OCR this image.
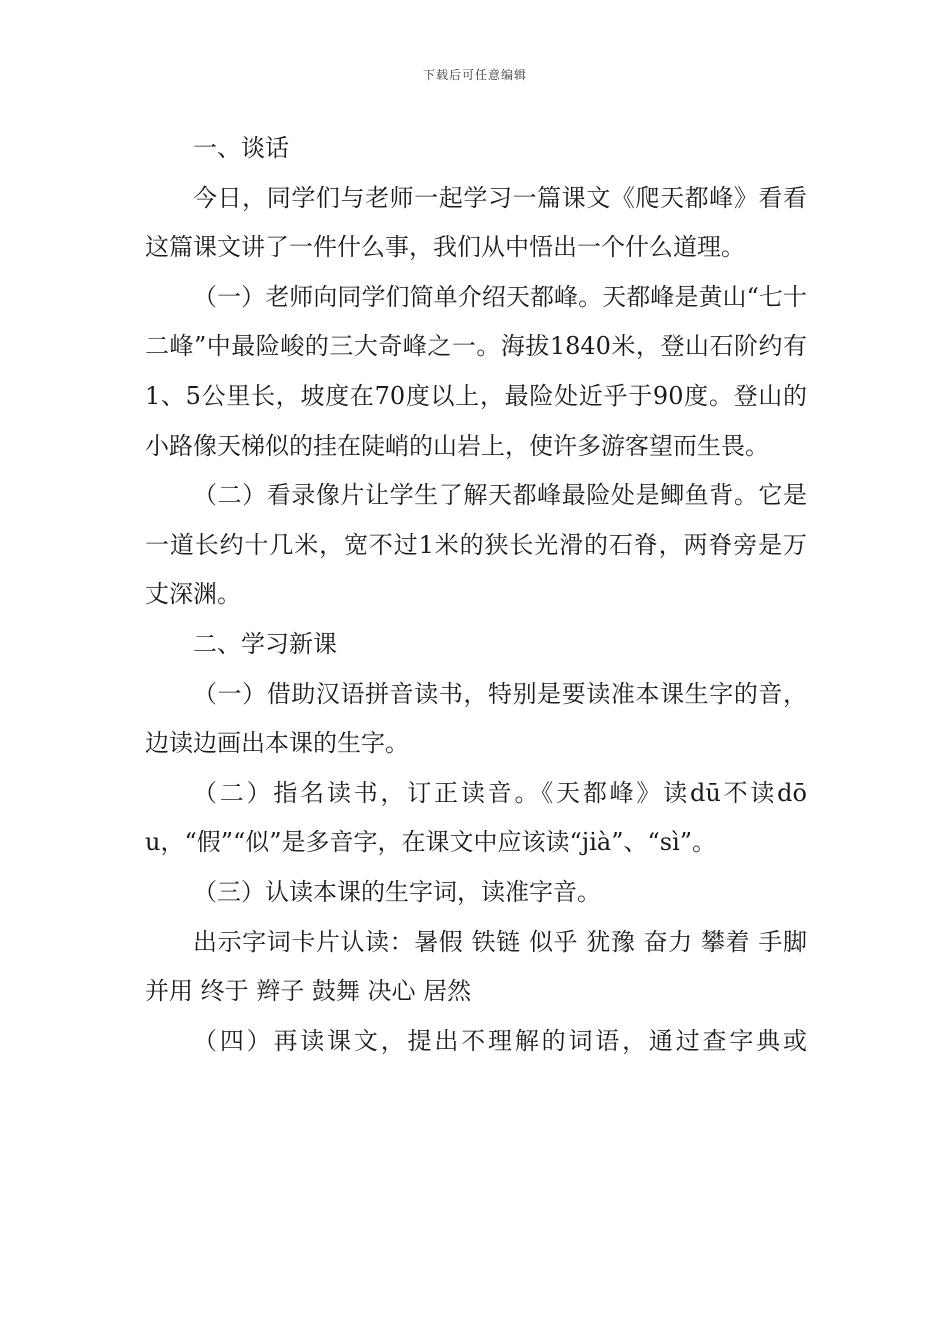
下载后可任意编辑

一、谈话

今日，同学们与老师一起学习一篇课文《爬天都峰》看看这篇课文讲了一件什么事，我们从中悟出一个什么道理。

（一）老师向同学们简单介绍天都峰。天都峰是黄山“七十二峰”中最险峻的三大奇峰之一。海拔1840米，登山石阶约有1、5公里长，坡度在70度以上，最险处近乎于90度。登山的小路像天梯似的挂在陡峭的山岩上，使许多游客望而生畏。

（二）看录像片让学生了解天都峰最险处是鲫鱼背。它是一道长约十几米，宽不过1米的狭长光滑的石脊，两脊旁是万丈深渊。

二、学习新课

（一）借助汉语拼音读书，特别是要读准本课生字的音，边读边画出本课的生字。

（二）指名读书，订正读音。《天都峰》读dū不读dōu，“假”“似”是多音字，在课文中应该读“jià”、“sì”。

（三）认读本课的生字词，读准字音。

出示字词卡片认读：暑假 铁链 似乎 犹豫 奋力 攀着 手脚并用 终于 辫子 鼓舞 决心 居然

（四）再读课文，提出不理解的词语，通过查字典或
